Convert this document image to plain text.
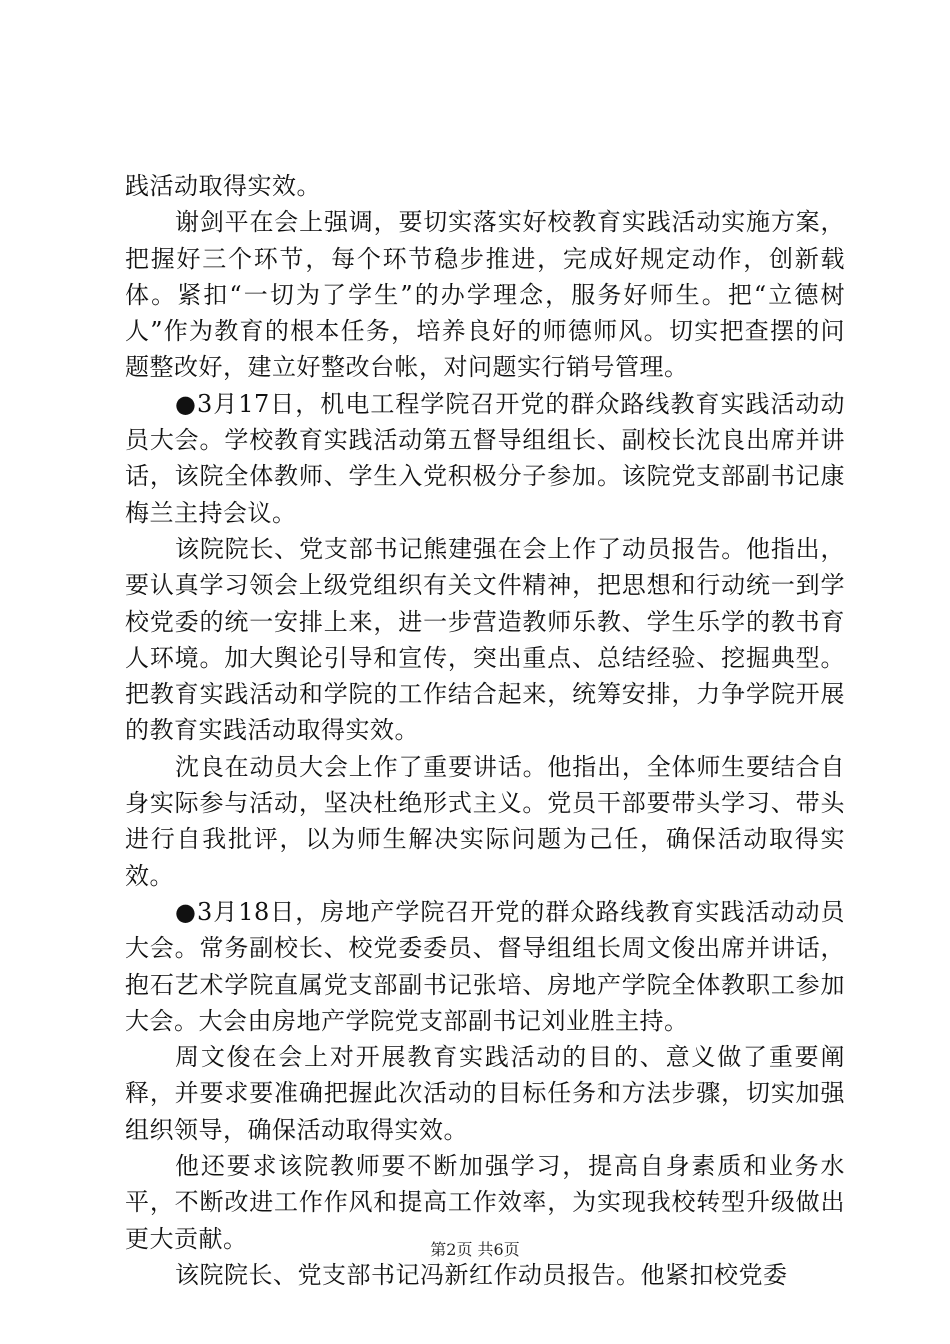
践活动取得实效。

谢剑平在会上强调，要切实落实好校教育实践活动实施方案，把握好三个环节，每个环节稳步推进，完成好规定动作，创新载体。紧扣“一切为了学生”的办学理念，服务好师生。把“立德树人”作为教育的根本任务，培养良好的师德师风。切实把查摆的问题整改好，建立好整改台帐，对问题实行销号管理。

●3月17日，机电工程学院召开党的群众路线教育实践活动动员大会。学校教育实践活动第五督导组组长、副校长沈良出席并讲话，该院全体教师、学生入党积极分子参加。该院党支部副书记康梅兰主持会议。

该院院长、党支部书记熊建强在会上作了动员报告。他指出，要认真学习领会上级党组织有关文件精神，把思想和行动统一到学校党委的统一安排上来，进一步营造教师乐教、学生乐学的教书育人环境。加大舆论引导和宣传，突出重点、总结经验、挖掘典型。把教育实践活动和学院的工作结合起来，统筹安排，力争学院开展的教育实践活动取得实效。

沈良在动员大会上作了重要讲话。他指出，全体师生要结合自身实际参与活动，坚决杜绝形式主义。党员干部要带头学习、带头进行自我批评，以为师生解决实际问题为己任，确保活动取得实效。

●3月18日，房地产学院召开党的群众路线教育实践活动动员大会。常务副校长、校党委委员、督导组组长周文俊出席并讲话，抱石艺术学院直属党支部副书记张培、房地产学院全体教职工参加大会。大会由房地产学院党支部副书记刘业胜主持。

周文俊在会上对开展教育实践活动的目的、意义做了重要阐释，并要求要准确把握此次活动的目标任务和方法步骤，切实加强组织领导，确保活动取得实效。

他还要求该院教师要不断加强学习，提高自身素质和业务水平，不断改进工作作风和提高工作效率，为实现我校转型升级做出更大贡献。

该院院长、党支部书记冯新红作动员报告。他紧扣校党委

第2页 共6页
